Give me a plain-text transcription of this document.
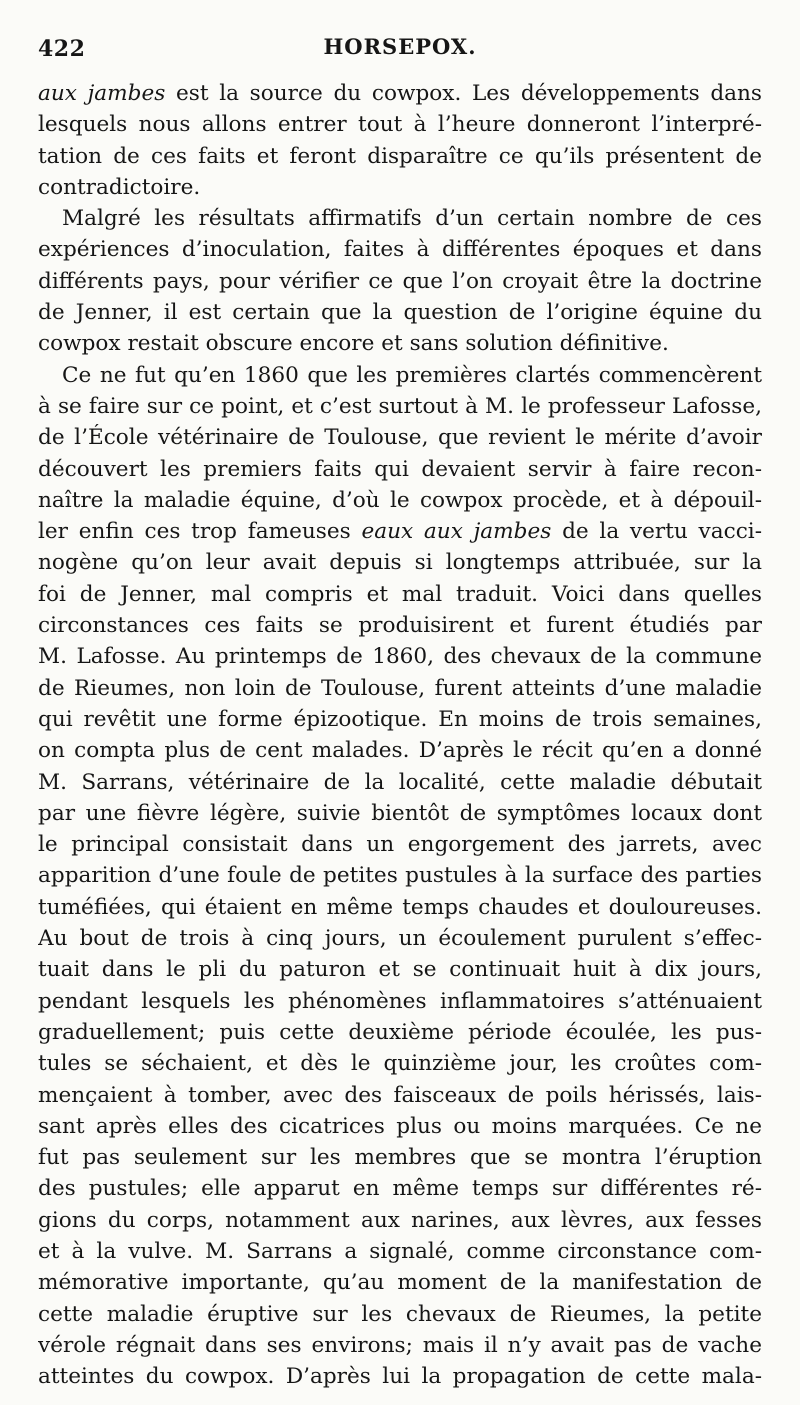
422	HORSEPOX.
aux jambes est la source du cowpox. Les développements dans
lesquels nous allons entrer tout à l’heure donneront l’interpré-
tation de ces faits et feront disparaître ce qu’ils présentent de
contradictoire.
Malgré les résultats affirmatifs d’un certain nombre de ces
expériences d’inoculation, faites à différentes époques et dans
différents pays, pour vérifier ce que l’on croyait être la doctrine
de Jenner, il est certain que la question de l’origine équine du
cowpox restait obscure encore et sans solution définitive.
Ce ne fut qu’en 1860 que les premières clartés commencèrent
à se faire sur ce point, et c’est surtout à M. le professeur Lafosse,
de l’École vétérinaire de Toulouse, que revient le mérite d’avoir
découvert les premiers faits qui devaient servir à faire recon-
naître la maladie équine, d’où le cowpox procède, et à dépouil-
ler enfin ces trop fameuses eaux aux jambes de la vertu vacci-
nogène qu’on leur avait depuis si longtemps attribuée, sur la
foi de Jenner, mal compris et mal traduit. Voici dans quelles
circonstances ces faits se produisirent et furent étudiés par
M. Lafosse. Au printemps de 1860, des chevaux de la commune
de Rieumes, non loin de Toulouse, furent atteints d’une maladie
qui revêtit une forme épizootique. En moins de trois semaines,
on compta plus de cent malades. D’après le récit qu’en a donné
M. Sarrans, vétérinaire de la localité, cette maladie débutait
par une fièvre légère, suivie bientôt de symptômes locaux dont
le principal consistait dans un engorgement des jarrets, avec
apparition d’une foule de petites pustules à la surface des parties
tuméfiées, qui étaient en même temps chaudes et douloureuses.
Au bout de trois à cinq jours, un écoulement purulent s’effec-
tuait dans le pli du paturon et se continuait huit à dix jours,
pendant lesquels les phénomènes inflammatoires s’atténuaient
graduellement; puis cette deuxième période écoulée, les pus-
tules se séchaient, et dès le quinzième jour, les croûtes com-
mençaient à tomber, avec des faisceaux de poils hérissés, lais-
sant après elles des cicatrices plus ou moins marquées. Ce ne
fut pas seulement sur les membres que se montra l’éruption
des pustules; elle apparut en même temps sur différentes ré-
gions du corps, notamment aux narines, aux lèvres, aux fesses
et à la vulve. M. Sarrans a signalé, comme circonstance com-
mémorative importante, qu’au moment de la manifestation de
cette maladie éruptive sur les chevaux de Rieumes, la petite
vérole régnait dans ses environs; mais il n’y avait pas de vache
atteintes du cowpox. D’après lui la propagation de cette mala-
